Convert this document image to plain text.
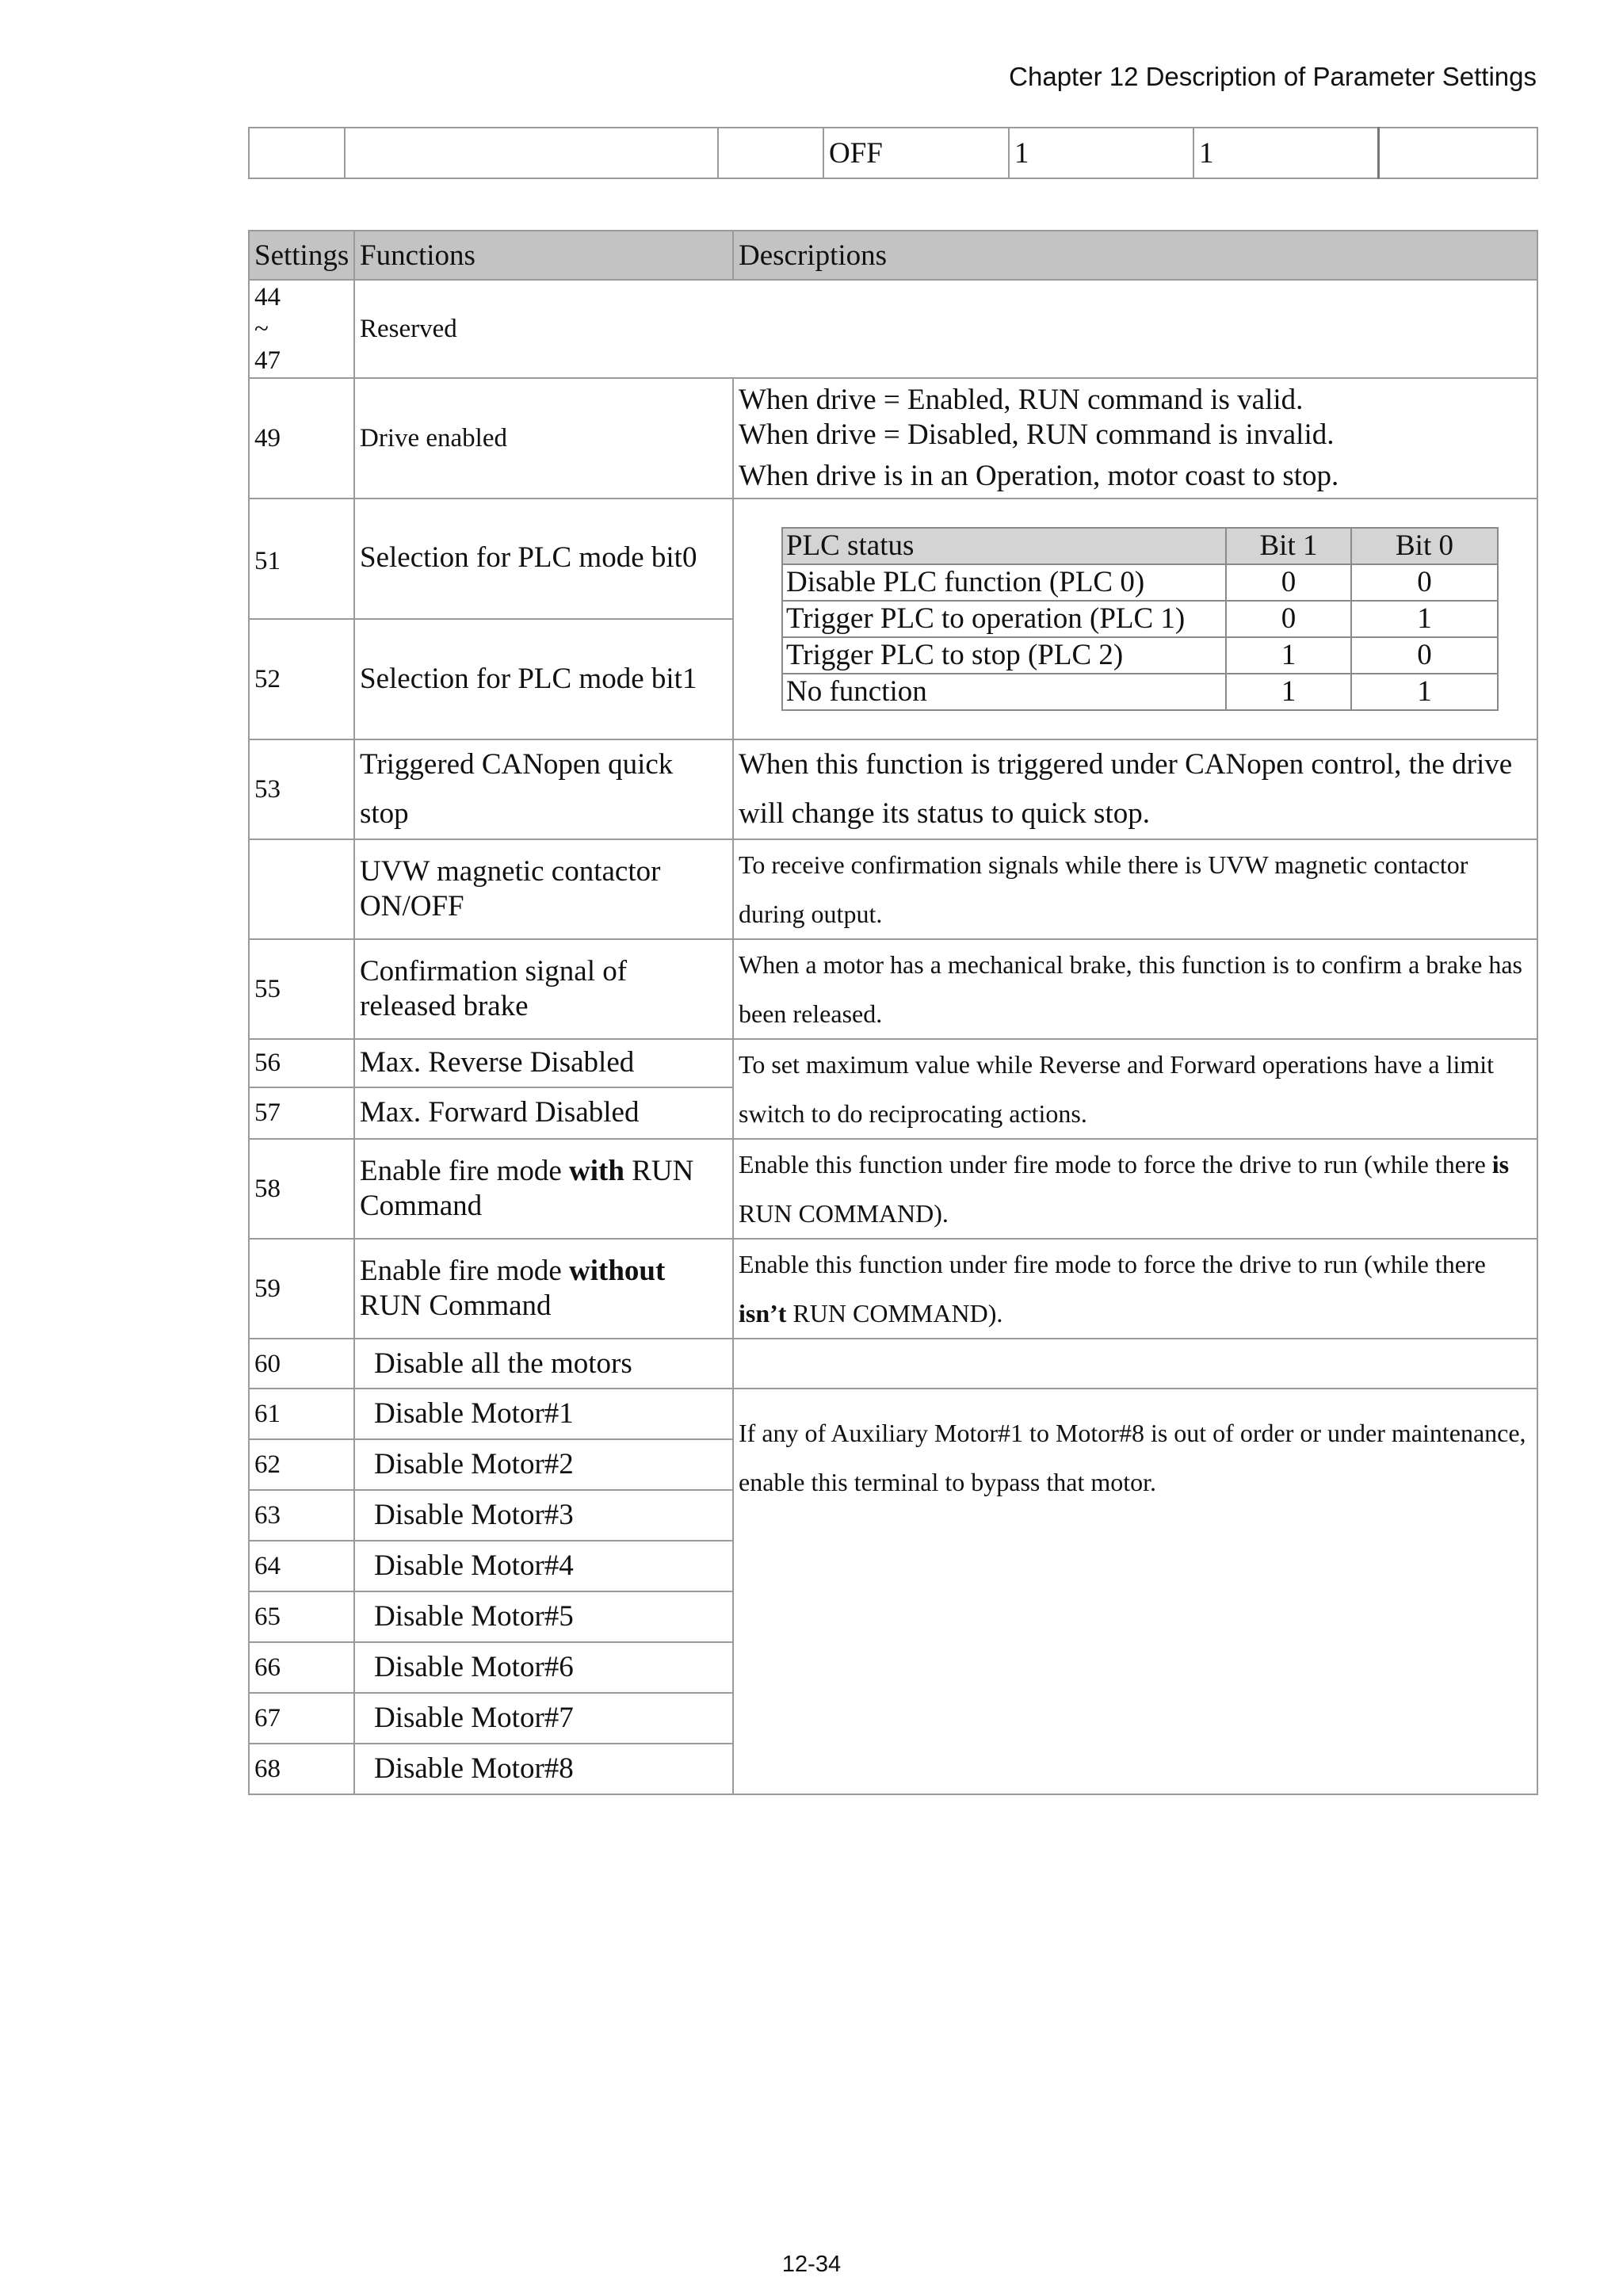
Chapter 12 Description of Parameter Settings
			OFF	1	1	
Settings	Functions	Descriptions
44
~
47	Reserved
49	Drive enabled	
When drive = Enabled, RUN command is valid.
When drive = Disabled, RUN command is invalid.
When drive is in an Operation, motor coast to stop.

51	Selection for PLC mode bit0		PLC status	Bit 1	Bit 0
Disable PLC function (PLC 0)	0	0
Trigger PLC to operation (PLC 1)	0	1
Trigger PLC to stop (PLC 2)	1	0
No function	1	1

52	Selection for PLC mode bit1
53	Triggered CANopen quick stop	When this function is triggered under CANopen control, the drive will change its status to quick stop.
	UVW magnetic contactor ON/OFF	To receive confirmation signals while there is UVW magnetic contactor during output.
55	Confirmation signal of released brake	When a motor has a mechanical brake, this function is to confirm a brake has been released.
56	Max. Reverse Disabled	To set maximum value while Reverse and Forward operations have a limit switch to do reciprocating actions.
57	Max. Forward Disabled
58	Enable fire mode with RUN Command	Enable this function under fire mode to force the drive to run (while there is RUN COMMAND).
59	Enable fire mode without RUN Command	Enable this function under fire mode to force the drive to run (while there isn’t RUN COMMAND).
60	Disable all the motors	
61	Disable Motor#1	If any of Auxiliary Motor#1 to Motor#8 is out of order or under maintenance, enable this terminal to bypass that motor.
62	Disable Motor#2
63	Disable Motor#3
64	Disable Motor#4
65	Disable Motor#5
66	Disable Motor#6
67	Disable Motor#7
68	Disable Motor#8
12-34
